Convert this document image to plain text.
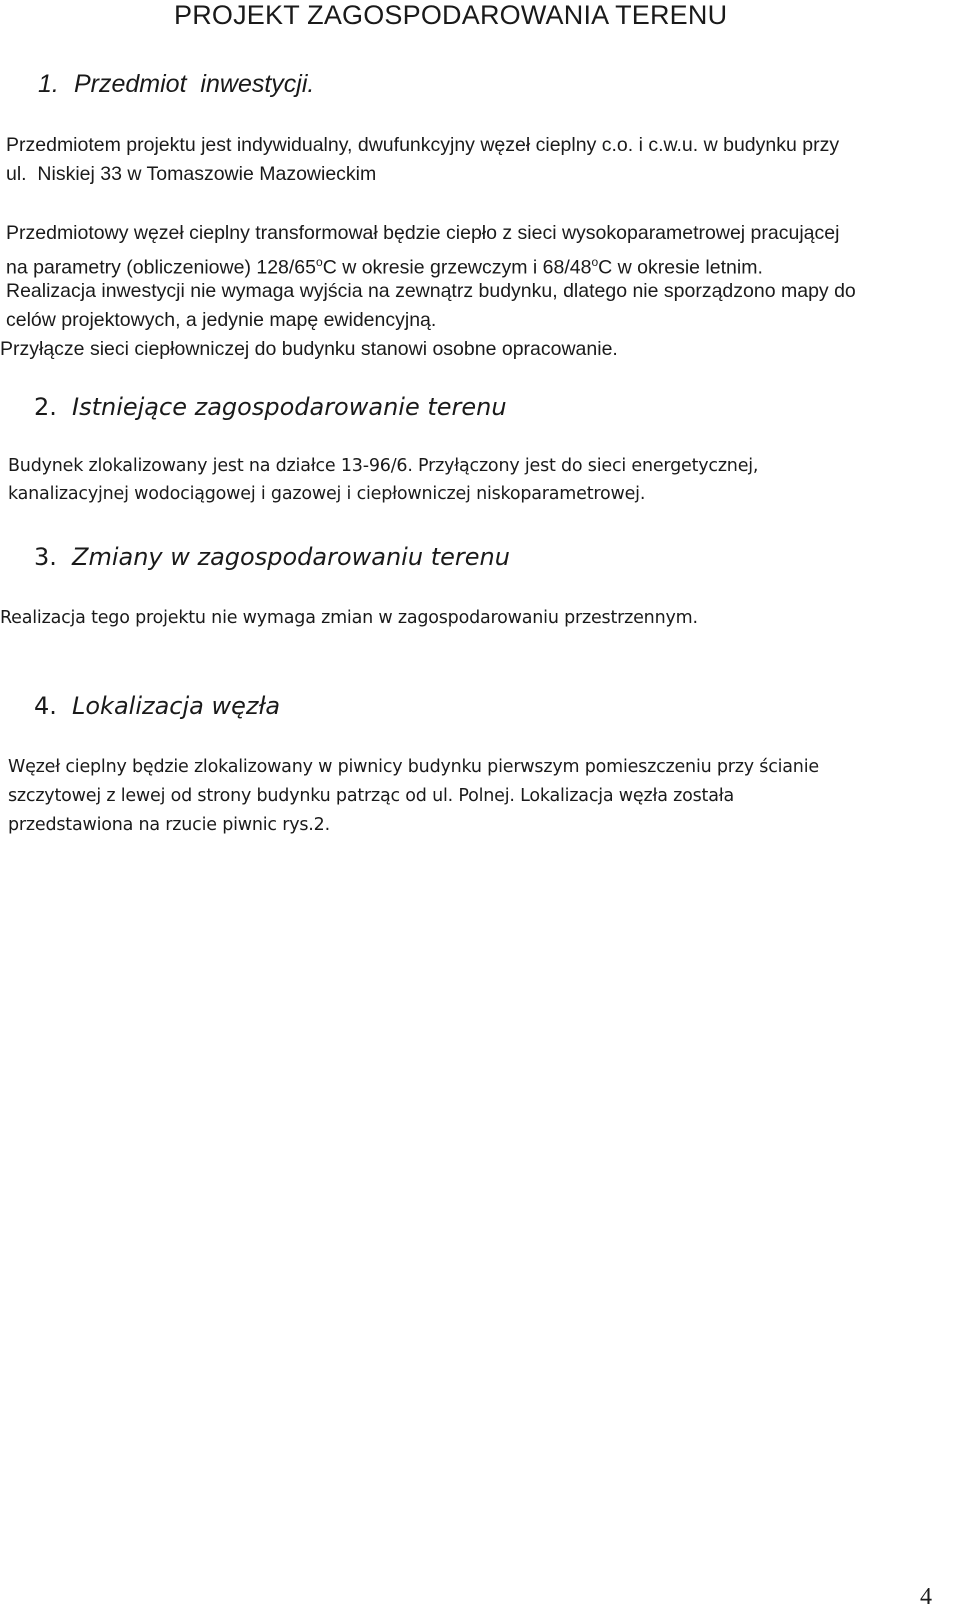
PROJEKT ZAGOSPODAROWANIA TERENU
1. Przedmiot  inwestycji.
Przedmiotem projektu jest indywidualny, dwufunkcyjny węzeł cieplny c.o. i c.w.u. w budynku przy
ul.  Niskiej 33 w Tomaszowie Mazowieckim
Przedmiotowy węzeł cieplny transformował będzie ciepło z sieci wysokoparametrowej pracującej
na parametry (obliczeniowe) 128/65$^o$C w okresie grzewczym i 68/48$^o$C w okresie letnim.
Realizacja inwestycji nie wymaga wyjścia na zewnątrz budynku, dlatego nie sporządzono mapy do
celów projektowych, a jedynie mapę ewidencyjną.
Przyłącze sieci ciepłowniczej do budynku stanowi osobne opracowanie.
2. Istniejące zagospodarowanie terenu
Budynek zlokalizowany jest na działce 13-96/6. Przyłączony jest do sieci energetycznej,
kanalizacyjnej wodociągowej i gazowej i ciepłowniczej niskoparametrowej.
3. Zmiany w zagospodarowaniu terenu
Realizacja tego projektu nie wymaga zmian w zagospodarowaniu przestrzennym.
4. Lokalizacja węzła
Węzeł cieplny będzie zlokalizowany w piwnicy budynku pierwszym pomieszczeniu przy ścianie
szczytowej z lewej od strony budynku patrząc od ul. Polnej. Lokalizacja węzła została
przedstawiona na rzucie piwnic rys.2.
4
